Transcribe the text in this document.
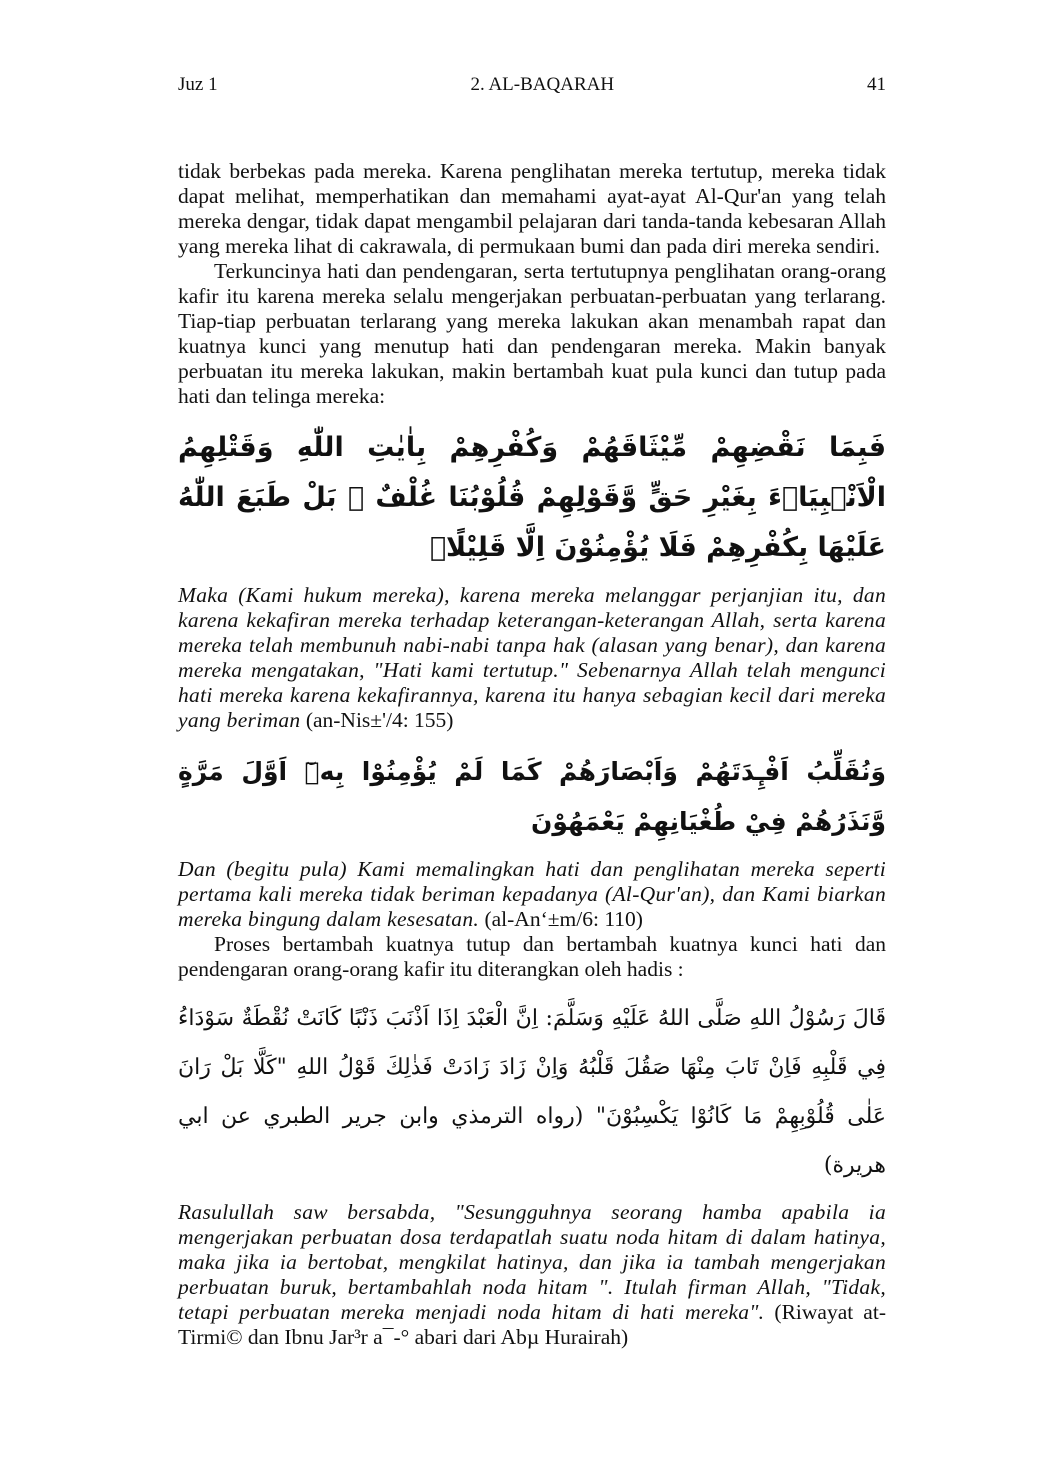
Juz 1	2. AL-BAQARAH	41

tidak berbekas pada mereka. Karena penglihatan mereka tertutup, mereka tidak dapat melihat, memperhatikan dan memahami ayat-ayat Al-Qur'an yang telah mereka dengar, tidak dapat mengambil pelajaran dari tanda-tanda kebesaran Allah yang mereka lihat di cakrawala, di permukaan bumi dan pada diri mereka sendiri.

Terkuncinya hati dan pendengaran, serta tertutupnya penglihatan orang-orang kafir itu karena mereka selalu mengerjakan perbuatan-perbuatan yang terlarang. Tiap-tiap perbuatan terlarang yang mereka lakukan akan menambah rapat dan kuatnya kunci yang menutup hati dan pendengaran mereka. Makin banyak perbuatan itu mereka lakukan, makin bertambah kuat pula kunci dan tutup pada hati dan telinga mereka:

فَبِمَا نَقْضِهِمْ مِّيْثَاقَهُمْ وَكُفْرِهِمْ بِاٰيٰتِ اللّٰهِ وَقَتْلِهِمُ الْاَنْۢبِيَاۤءَ بِغَيْرِ حَقٍّ وَّقَوْلِهِمْ قُلُوْبُنَا غُلْفٌ ۗ بَلْ طَبَعَ اللّٰهُ عَلَيْهَا بِكُفْرِهِمْ فَلَا يُؤْمِنُوْنَ اِلَّا قَلِيْلًاۖ

Maka (Kami hukum mereka), karena mereka melanggar perjanjian itu, dan karena kekafiran mereka terhadap keterangan-keterangan Allah, serta karena mereka telah membunuh nabi-nabi tanpa hak (alasan yang benar), dan karena mereka mengatakan, "Hati kami tertutup." Sebenarnya Allah telah mengunci hati mereka karena kekafirannya, karena itu hanya sebagian kecil dari mereka yang beriman (an-Nis±'/4: 155)

وَنُقَلِّبُ اَفْـِٕدَتَهُمْ وَاَبْصَارَهُمْ كَمَا لَمْ يُؤْمِنُوْا بِهٖٓ اَوَّلَ مَرَّةٍ وَّنَذَرُهُمْ فِيْ طُغْيَانِهِمْ يَعْمَهُوْنَ

Dan (begitu pula) Kami memalingkan hati dan penglihatan mereka seperti pertama kali mereka tidak beriman kepadanya (Al-Qur'an), dan Kami biarkan mereka bingung dalam kesesatan. (al-An‘±m/6: 110)

Proses bertambah kuatnya tutup dan bertambah kuatnya kunci hati dan pendengaran orang-orang kafir itu diterangkan oleh hadis :

قَالَ رَسُوْلُ اللهِ صَلَّى اللهُ عَلَيْهِ وَسَلَّمَ: اِنَّ الْعَبْدَ اِذَا اَذْنَبَ ذَنْبًا كَانَتْ نُقْطَةٌ سَوْدَاءُ فِي قَلْبِهِ فَاِنْ تَابَ مِنْهَا صَقُلَ قَلْبُهُ وَاِنْ زَادَ زَادَتْ فَذٰلِكَ قَوْلُ اللهِ "كَلَّا بَلْ رَانَ عَلٰى قُلُوْبِهِمْ مَا كَانُوْا يَكْسِبُوْنَ" (رواه الترمذي وابن جرير الطبري عن ابي هريرة)

Rasulullah saw bersabda, "Sesungguhnya seorang hamba apabila ia mengerjakan perbuatan dosa terdapatlah suatu noda hitam di dalam hatinya, maka jika ia bertobat, mengkilat hatinya, dan jika ia tambah mengerjakan perbuatan buruk, bertambahlah noda hitam ". Itulah firman Allah, "Tidak, tetapi perbuatan mereka menjadi noda hitam di hati mereka". (Riwayat at-Tirmi© dan Ibnu Jar³r a¯-° abari dari Abµ Hurairah)
